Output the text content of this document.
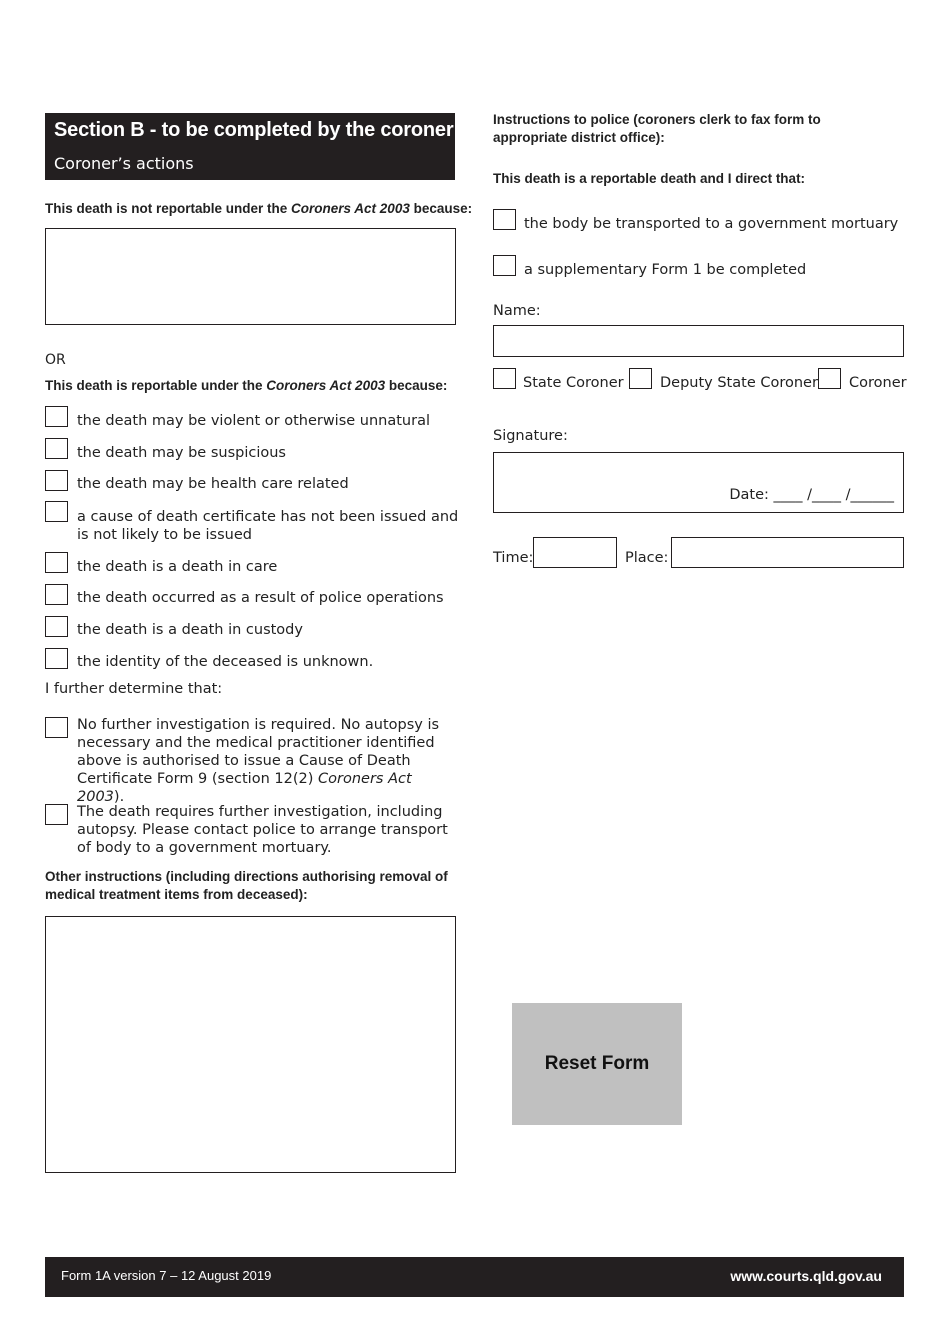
Section B - to be completed by the coroner
Coroner’s actions
This death is not reportable under the Coroners Act 2003 because:
OR
This death is reportable under the Coroners Act 2003 because:
the death may be violent or otherwise unnatural
the death may be suspicious
the death may be health care related
a cause of death certificate has not been issued and is not likely to be issued
the death is a death in care
the death occurred as a result of police operations
the death is a death in custody
the identity of the deceased is unknown.
I further determine that:
No further investigation is required. No autopsy is necessary and the medical practitioner identified above is authorised to issue a Cause of Death Certificate Form 9 (section 12(2) Coroners Act 2003).
The death requires further investigation, including autopsy. Please contact police to arrange transport of body to a government mortuary.
Other instructions (including directions authorising removal of medical treatment items from deceased):
Instructions to police (coroners clerk to fax form to appropriate district office):
This death is a reportable death and I direct that:
the body be transported to a government mortuary
a supplementary Form 1 be completed
Name:
State Coroner	Deputy State Coroner Coroner
Signature:
Date: ____ /____ /______
Time:	Place:
Reset Form
Form 1A version 7 – 12 August 2019	www.courts.qld.gov.au
